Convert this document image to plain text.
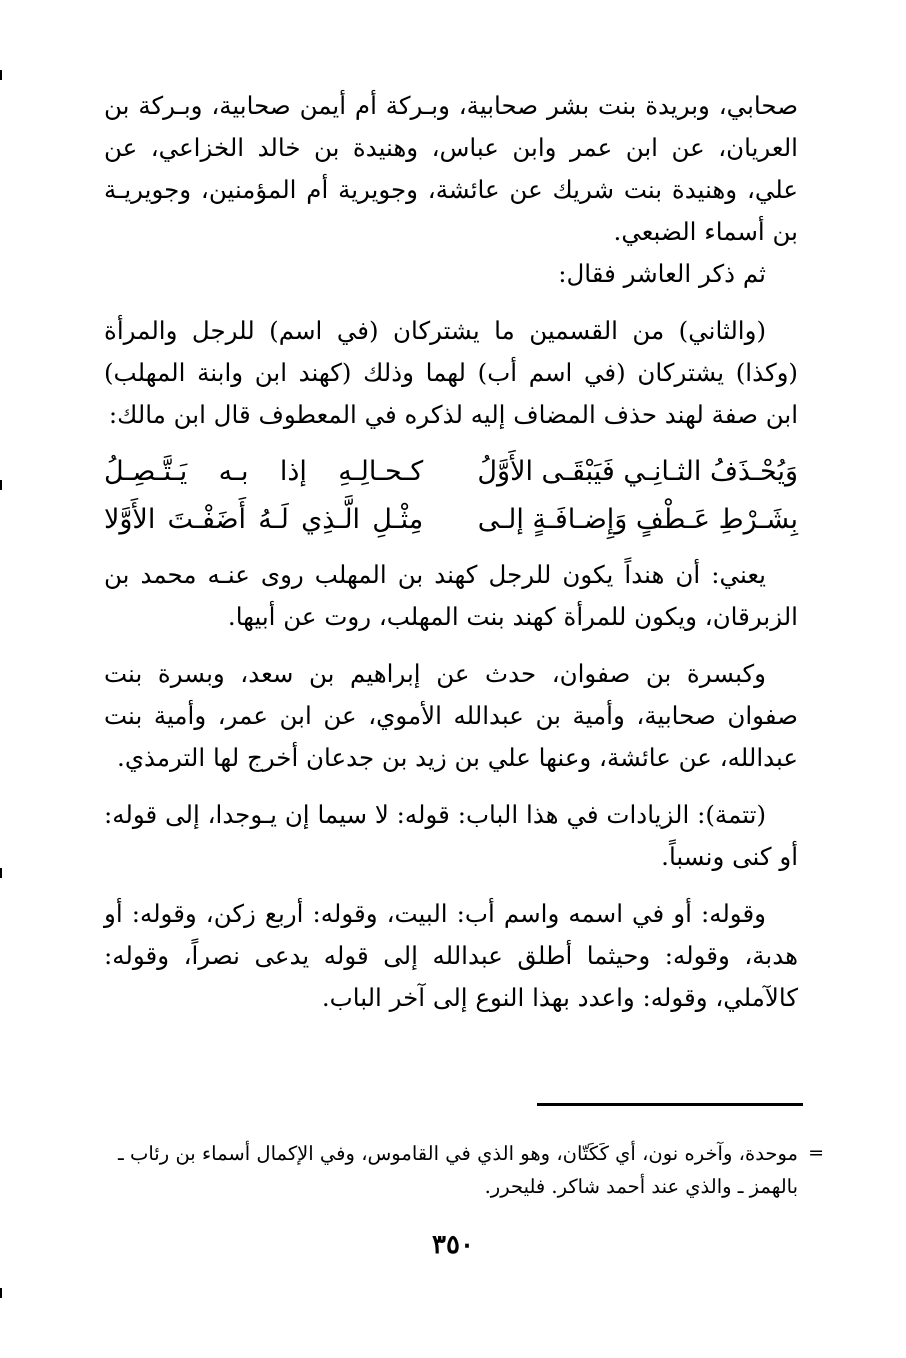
صحابي، وبريدة بنت بشر صحابية، وبـركة أم أيمن صحابية، وبـركة بن العريان، عن ابن عمر وابن عباس، وهنيدة بن خالد الخزاعي، عن علي، وهنيدة بنت شريك عن عائشة، وجويرية أم المؤمنين، وجويريـة بن أسماء الضبعي.

ثم ذكر العاشر فقال:

(والثاني) من القسمين ما يشتركان (في اسم) للرجل والمرأة (وكذا) يشتركان (في اسم أب) لهما وذلك (كهند ابن وابنة المهلب) ابن صفة لهند حذف المضاف إليه لذكره في المعطوف قال ابن مالك:

وَيُحْـذَفُ الثـانِـي فَيَبْقَـى الأَوَّلُ
كـحـالِـهِ إذا بـه يَـتَّـصِـلُ
بِشَـرْطِ عَـطْفٍ وَإِضـافَـةٍ إلـى
مِثْـلِ الَّـذِي لَـهُ أَضَفْـتَ الأَوَّلا

يعني: أن هنداً يكون للرجل كهند بن المهلب روى عنـه محمد بن الزبرقان، ويكون للمرأة كهند بنت المهلب، روت عن أبيها.

وكبسرة بن صفوان، حدث عن إبراهيم بن سعد، وبسرة بنت صفوان صحابية، وأمية بن عبدالله الأموي، عن ابن عمر، وأمية بنت عبدالله، عن عائشة، وعنها علي بن زيد بن جدعان أخرج لها الترمذي.

(تتمة): الزيادات في هذا الباب: قوله: لا سيما إن يـوجدا، إلى قوله: أو كنى ونسباً.

وقوله: أو في اسمه واسم أب: البيت، وقوله: أربع زكن، وقوله: أو هدبة، وقوله: وحيثما أطلق عبدالله إلى قوله يدعى نصراً، وقوله: كالآملي، وقوله: واعدد بهذا النوع إلى آخر الباب.

=
موحدة، وآخره نون، أي كَكَتّان، وهو الذي في القاموس، وفي الإكمال أسماء بن رئاب ـ بالهمز ـ والذي عند أحمد شاكر. فليحرر.
٣٥٠
